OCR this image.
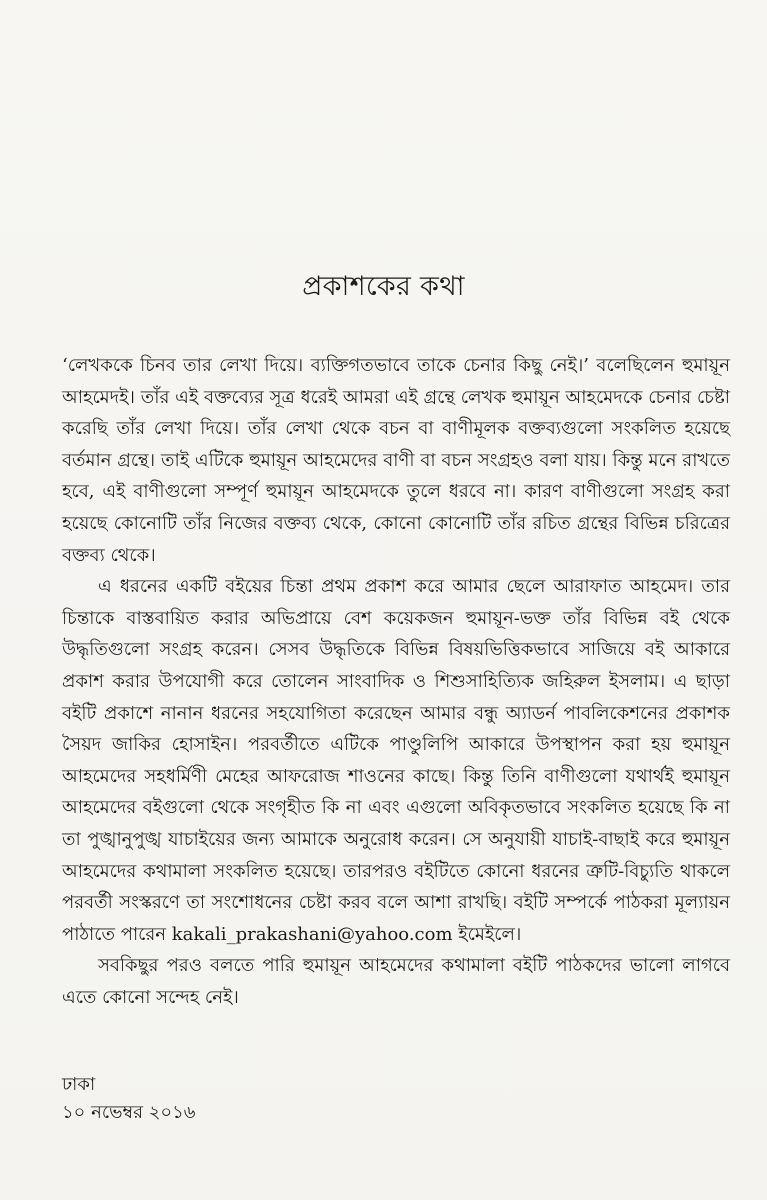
প্রকাশকের কথা

‘লেখককে চিনব তার লেখা দিয়ে। ব্যক্তিগতভাবে তাকে চেনার কিছু নেই।’ বলেছিলেন হুমায়ূন আহমেদই। তাঁর এই বক্তব্যের সূত্র ধরেই আমরা এই গ্রন্থে লেখক হুমায়ূন আহমেদকে চেনার চেষ্টা করেছি তাঁর লেখা দিয়ে। তাঁর লেখা থেকে বচন বা বাণীমূলক বক্তব্যগুলো সংকলিত হয়েছে বর্তমান গ্রন্থে। তাই এটিকে হুমায়ূন আহমেদের বাণী বা বচন সংগ্রহও বলা যায়। কিন্তু মনে রাখতে হবে, এই বাণীগুলো সম্পূর্ণ হুমায়ূন আহমেদকে তুলে ধরবে না। কারণ বাণীগুলো সংগ্রহ করা হয়েছে কোনোটি তাঁর নিজের বক্তব্য থেকে, কোনো কোনোটি তাঁর রচিত গ্রন্থের বিভিন্ন চরিত্রের বক্তব্য থেকে।

এ ধরনের একটি বইয়ের চিন্তা প্রথম প্রকাশ করে আমার ছেলে আরাফাত আহমেদ। তার চিন্তাকে বাস্তবায়িত করার অভিপ্রায়ে বেশ কয়েকজন হুমায়ূন-ভক্ত তাঁর বিভিন্ন বই থেকে উদ্ধৃতিগুলো সংগ্রহ করেন। সেসব উদ্ধৃতিকে বিভিন্ন বিষয়ভিত্তিকভাবে সাজিয়ে বই আকারে প্রকাশ করার উপযোগী করে তোলেন সাংবাদিক ও শিশুসাহিত্যিক জহিরুল ইসলাম। এ ছাড়া বইটি প্রকাশে নানান ধরনের সহযোগিতা করেছেন আমার বন্ধু অ্যাডর্ন পাবলিকেশনের প্রকাশক সৈয়দ জাকির হোসাইন। পরবর্তীতে এটিকে পাণ্ডুলিপি আকারে উপস্থাপন করা হয় হুমায়ূন আহমেদের সহধর্মিণী মেহের আফরোজ শাওনের কাছে। কিন্তু তিনি বাণীগুলো যথার্থই হুমায়ূন আহমেদের বইগুলো থেকে সংগৃহীত কি না এবং এগুলো অবিকৃতভাবে সংকলিত হয়েছে কি না তা পুঙ্খানুপুঙ্খ যাচাইয়ের জন্য আমাকে অনুরোধ করেন। সে অনুযায়ী যাচাই-বাছাই করে হুমায়ূন আহমেদের কথামালা সংকলিত হয়েছে। তারপরও বইটিতে কোনো ধরনের ত্রুটি-বিচ্যুতি থাকলে পরবর্তী সংস্করণে তা সংশোধনের চেষ্টা করব বলে আশা রাখছি। বইটি সম্পর্কে পাঠকরা মূল্যায়ন পাঠাতে পারেন kakali_prakashani@yahoo.com ইমেইলে।

সবকিছুর পরও বলতে পারি হুমায়ূন আহমেদের কথামালা বইটি পাঠকদের ভালো লাগবে এতে কোনো সন্দেহ নেই।

ঢাকা

১০ নভেম্বর ২০১৬
